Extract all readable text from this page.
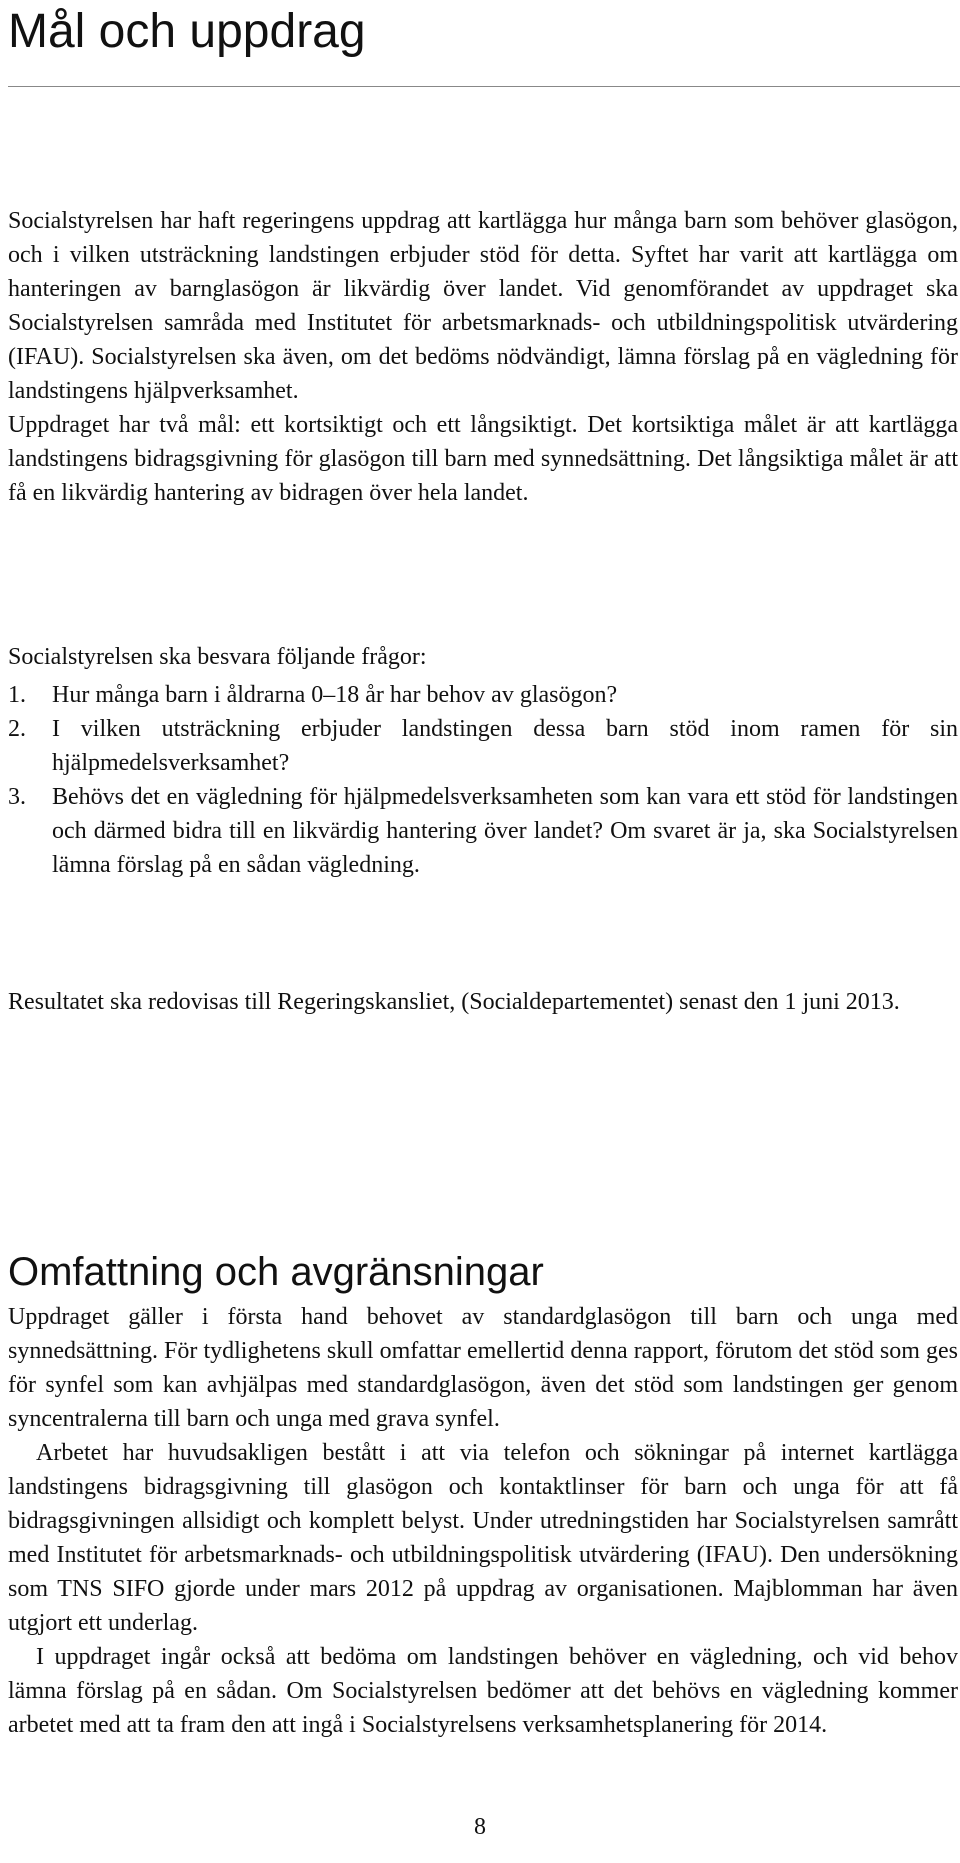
Mål och uppdrag

Socialstyrelsen har haft regeringens uppdrag att kartlägga hur många barn som behöver glasögon, och i vilken utsträckning landstingen erbjuder stöd för detta. Syftet har varit att kartlägga om hanteringen av barnglasögon är likvärdig över landet. Vid genomförandet av uppdraget ska Socialstyrelsen samråda med Institutet för arbetsmarknads- och utbildningspolitisk utvärdering (IFAU). Socialstyrelsen ska även, om det bedöms nödvändigt, lämna förslag på en vägledning för landstingens hjälpverksamhet.

Uppdraget har två mål: ett kortsiktigt och ett långsiktigt. Det kortsiktiga målet är att kartlägga landstingens bidragsgivning för glasögon till barn med synnedsättning. Det långsiktiga målet är att få en likvärdig hantering av bidragen över hela landet.

Socialstyrelsen ska besvara följande frågor:

1. Hur många barn i åldrarna 0–18 år har behov av glasögon?
2. I vilken utsträckning erbjuder landstingen dessa barn stöd inom ramen för sin hjälpmedelsverksamhet?
3. Behövs det en vägledning för hjälpmedelsverksamheten som kan vara ett stöd för landstingen och därmed bidra till en likvärdig hantering över landet? Om svaret är ja, ska Socialstyrelsen lämna förslag på en sådan vägledning.

Resultatet ska redovisas till Regeringskansliet, (Socialdepartementet) senast den 1 juni 2013.

Omfattning och avgränsningar

Uppdraget gäller i första hand behovet av standardglasögon till barn och unga med synnedsättning. För tydlighetens skull omfattar emellertid denna rapport, förutom det stöd som ges för synfel som kan avhjälpas med standardglasögon, även det stöd som landstingen ger genom syncentralerna till barn och unga med grava synfel.

Arbetet har huvudsakligen bestått i att via telefon och sökningar på internet kartlägga landstingens bidragsgivning till glasögon och kontaktlinser för barn och unga för att få bidragsgivningen allsidigt och komplett belyst. Under utredningstiden har Socialstyrelsen samrått med Institutet för arbetsmarknads- och utbildningspolitisk utvärdering (IFAU). Den undersökning som TNS SIFO gjorde under mars 2012 på uppdrag av organisationen. Majblomman har även utgjort ett underlag.

I uppdraget ingår också att bedöma om landstingen behöver en vägledning, och vid behov lämna förslag på en sådan. Om Socialstyrelsen bedömer att det behövs en vägledning kommer arbetet med att ta fram den att ingå i Socialstyrelsens verksamhetsplanering för 2014.

8
